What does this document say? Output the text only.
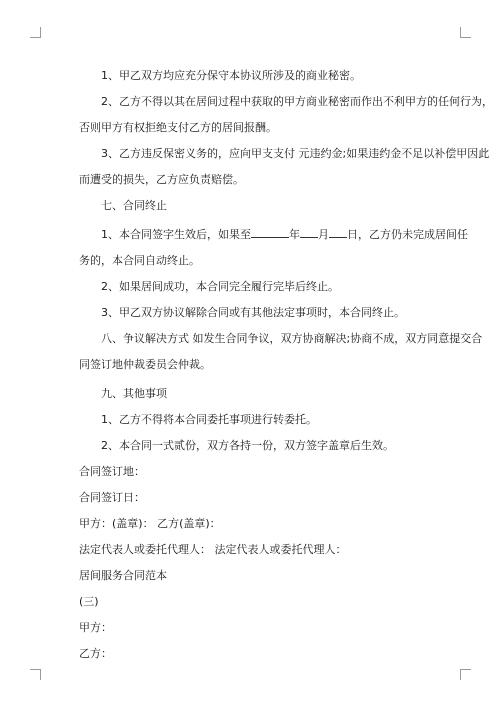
1、甲乙双方均应充分保守本协议所涉及的商业秘密。

2、乙方不得以其在居间过程中获取的甲方商业秘密而作出不利甲方的任何行为，

否则甲方有权拒绝支付乙方的居间报酬。

3、乙方违反保密义务的，应向甲支支付 元违约金;如果违约金不足以补偿甲因此

而遭受的损失，乙方应负责赔偿。

七、合同终止

1、本合同签字生效后，如果至	年 月 日，乙方仍未完成居间任

务的，本合同自动终止。

2、如果居间成功，本合同完全履行完毕后终止。

3、甲乙双方协议解除合同或有其他法定事项时，本合同终止。

八、争议解决方式 如发生合同争议，双方协商解决;协商不成，双方同意提交合

同签订地仲裁委员会仲裁。

九、其他事项

1、乙方不得将本合同委托事项进行转委托。

2、本合同一式贰份，双方各持一份，双方签字盖章后生效。

合同签订地：

合同签订日：

甲方：(盖章)： 乙方(盖章)：

法定代表人或委托代理人： 法定代表人或委托代理人：

居间服务合同范本

(三)

甲方：

乙方：
